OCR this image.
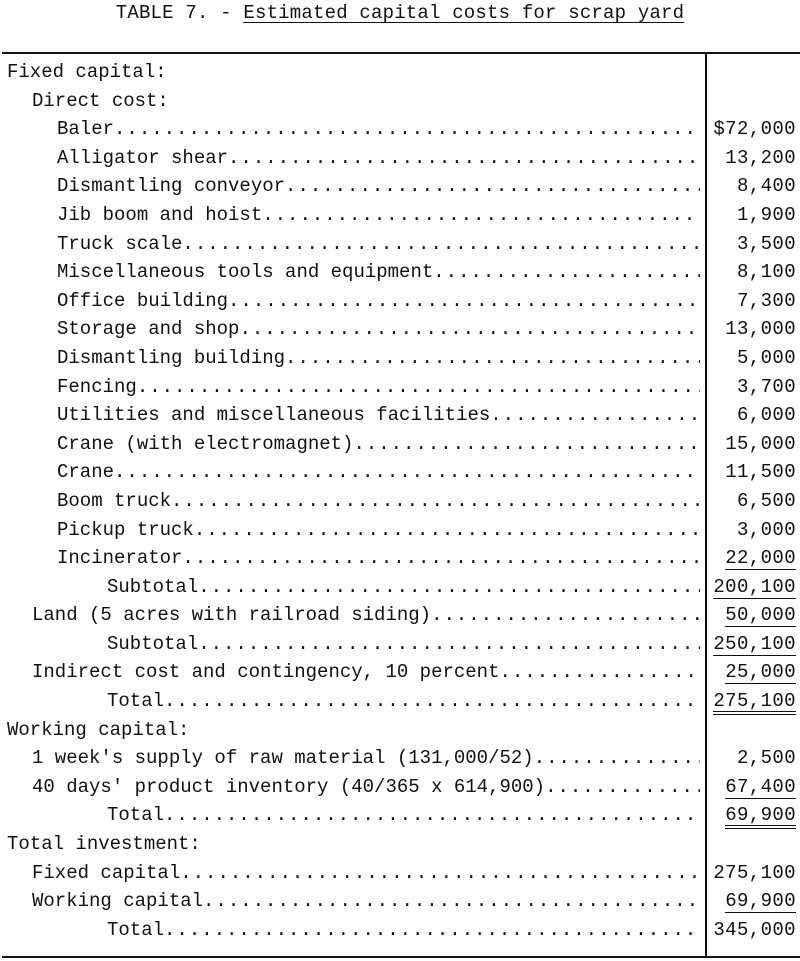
TABLE 7. - Estimated capital costs for scrap yard
Fixed capital:
Direct cost:
Baler .....	$72,000
Alligator shear .....	13,200
Dismantling conveyor .....	8,400
Jib boom and hoist .....	1,900
Truck scale .....	3,500
Miscellaneous tools and equipment .....	8,100
Office building .....	7,300
Storage and shop .....	13,000
Dismantling building .....	5,000
Fencing .....	3,700
Utilities and miscellaneous facilities .....	6,000
Crane (with electromagnet) .....	15,000
Crane .....	11,500
Boom truck .....	6,500
Pickup truck .....	3,000
Incinerator .....	22,000
Subtotal .....	200,100
Land (5 acres with railroad siding) .....	50,000
Subtotal .....	250,100
Indirect cost and contingency, 10 percent .....	25,000
Total .....	275,100
Working capital:
1 week's supply of raw material (131,000/52) .....	2,500
40 days' product inventory (40/365 x 614,900) .....	67,400
Total .....	69,900
Total investment:
Fixed capital .....	275,100
Working capital .....	69,900
Total .....	345,000
